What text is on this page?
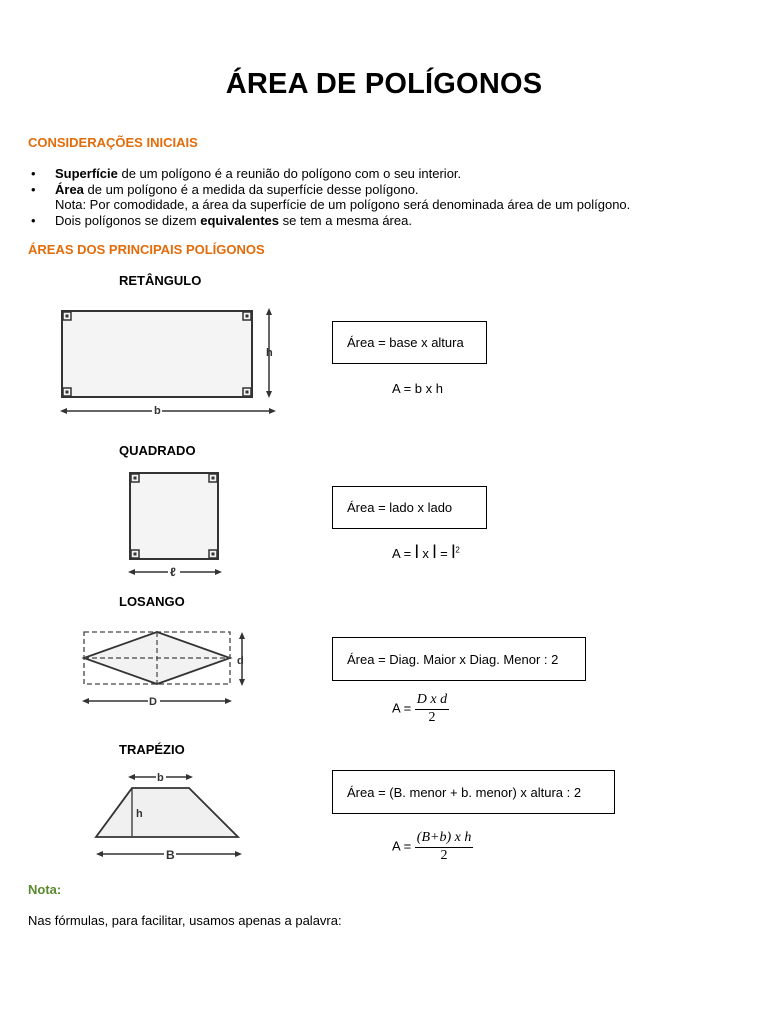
ÁREA DE POLÍGONOS
CONSIDERAÇÕES INICIAIS
• Superfície de um polígono é a reunião do polígono com o seu interior.
• Área de um polígono é a medida da superfície desse polígono.
Nota: Por comodidade, a área da superfície de um polígono será denominada área de um polígono.
• Dois polígonos se dizem equivalentes se tem a mesma área.
ÁREAS DOS PRINCIPAIS POLÍGONOS
RETÂNGULO
h
b
Área = base x altura
A = b x h
QUADRADO
ℓ
Área = lado x lado
A = l x $l = l^2$
LOSANGO
d
D
Área = Diag. Maior x Diag. Menor : 2
$A = \frac{\text{D x d}}{2}$
TRAPÉZIO
b
h
B
Área = (B. menor + b. menor) x altura : 2
$A = \frac{\text{(B+b) x h}}{2}$
Nota:
Nas fórmulas, para facilitar, usamos apenas a palavra:
